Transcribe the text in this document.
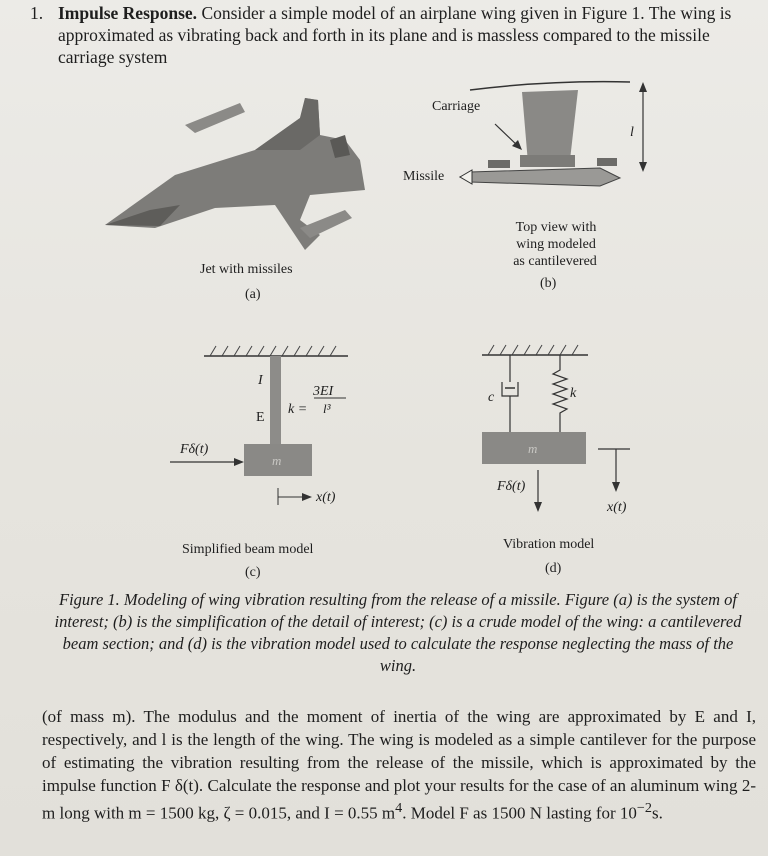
1. Impulse Response. Consider a simple model of an airplane wing given in Figure 1. The wing is approximated as vibrating back and forth in its plane and is massless compared to the missile carriage system
Carriage
Missile
l
Top view with
wing modeled
as cantilevered
(b)
Jet with missiles
(a)
I
E
k =
3EI
l³
Fδ(t)
m
x(t)
Simplified beam model
(c)
c	k
m
Fδ(t)
x(t)
Vibration model
(d)
Figure 1. Modeling of wing vibration resulting from the release of a missile. Figure (a) is the system of interest; (b) is the simplification of the detail of interest; (c) is a crude model of the wing: a cantilevered beam section; and (d) is the vibration model used to calculate the response neglecting the mass of the wing.
(of mass m). The modulus and the moment of inertia of the wing are approximated by E and I, respectively, and l is the length of the wing. The wing is modeled as a simple cantilever for the purpose of estimating the vibration resulting from the release of the missile, which is approximated by the impulse function F δ(t). Calculate the response and plot your results for the case of an aluminum wing 2-m long with m = 1500 kg, ζ = 0.015, and I = 0.55 $m^4$. Model F as 1500 N lasting for $10^{-2}s$.
